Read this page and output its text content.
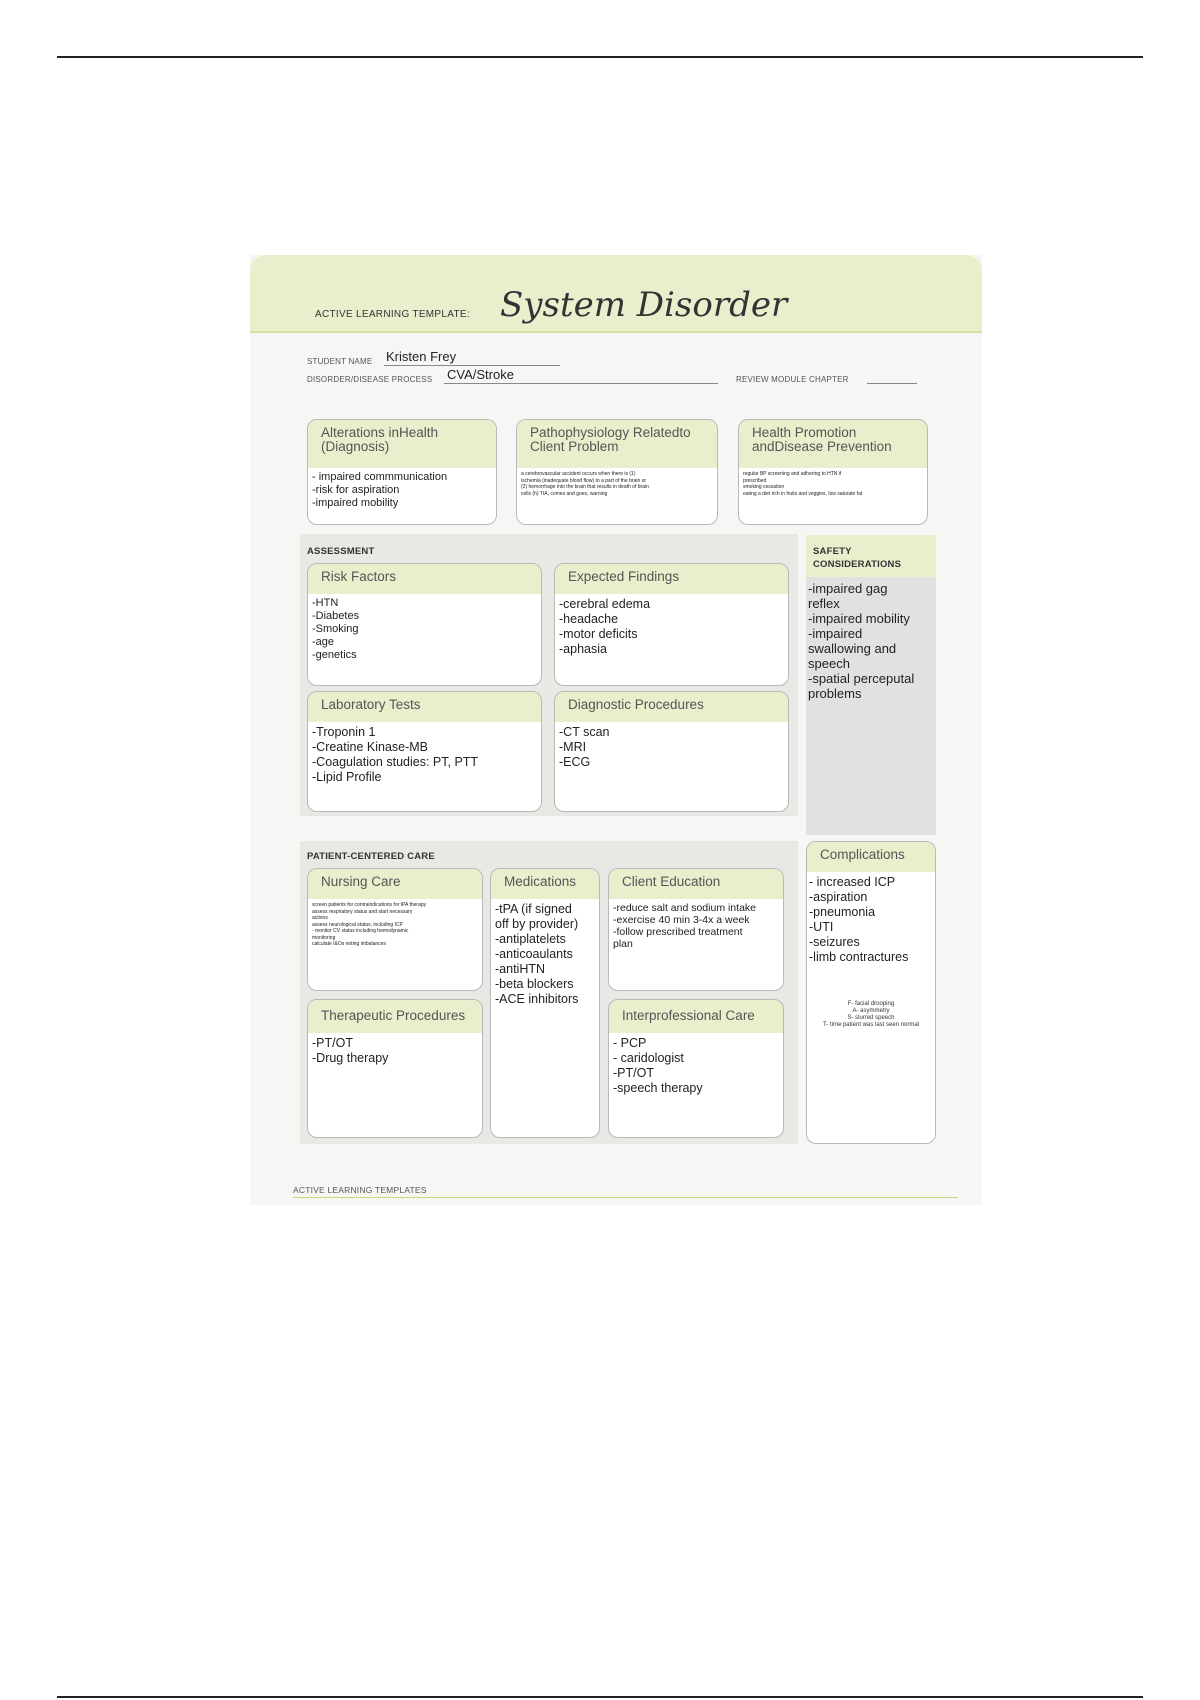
ACTIVE LEARNING TEMPLATE: System Disorder
STUDENT NAME Kristen Frey
DISORDER/DISEASE PROCESS CVA/Stroke	REVIEW MODULE CHAPTER
Alterations inHealth (Diagnosis)
- impaired commmunication
-risk for aspiration
-impaired mobility
Pathophysiology Relatedto Client Problem
a cerebrovascular accident occurs when there is (1)
ischemia (inadequate blood flow) to a part of the brain or
(2) hemorrhage into the brain that results in death of brain
cells (h) TIA, comes and goes, warning
Health Promotion andDisease Prevention
regular BP screening and adhering to HTN if
prescribed
smoking cessation
eating a diet rich in fruits and veggies, low saturate fat
ASSESSMENT
Risk Factors
-HTN
-Diabetes
-Smoking
-age
-genetics
Expected Findings
-cerebral edema
-headache
-motor deficits
-aphasia
Laboratory Tests
-Troponin 1
-Creatine Kinase-MB
-Coagulation studies: PT, PTT
-Lipid Profile
Diagnostic Procedures
-CT scan
-MRI
-ECG
SAFETY
CONSIDERATIONS
-impaired gag
reflex
-impaired mobility
-impaired
swallowing and
speech
-spatial perceputal
problems
PATIENT-CENTERED CARE
Nursing Care
screen patients for contraindications for tPA therapy
assess respiratory status and start necessary
actions
assess neurological status, including ICP
- monitor CV status including hemodynamic
monitoring
calculate I&Os noting imbalances
Medications
-tPA (if signed
off by provider)
-antiplatelets
-anticoaulants
-antiHTN
-beta blockers
-ACE inhibitors
Client Education
-reduce salt and sodium intake
-exercise 40 min 3-4x a week
-follow prescribed treatment
plan
Therapeutic Procedures
-PT/OT
-Drug therapy
Interprofessional Care
- PCP
- caridologist
-PT/OT
-speech therapy
Complications
- increased ICP
-aspiration
-pneumonia
-UTI
-seizures
-limb contractures
F- facial drooping
A- asymmetry
S- slurred speech
T- time patient was last seen normal
ACTIVE LEARNING TEMPLATES
